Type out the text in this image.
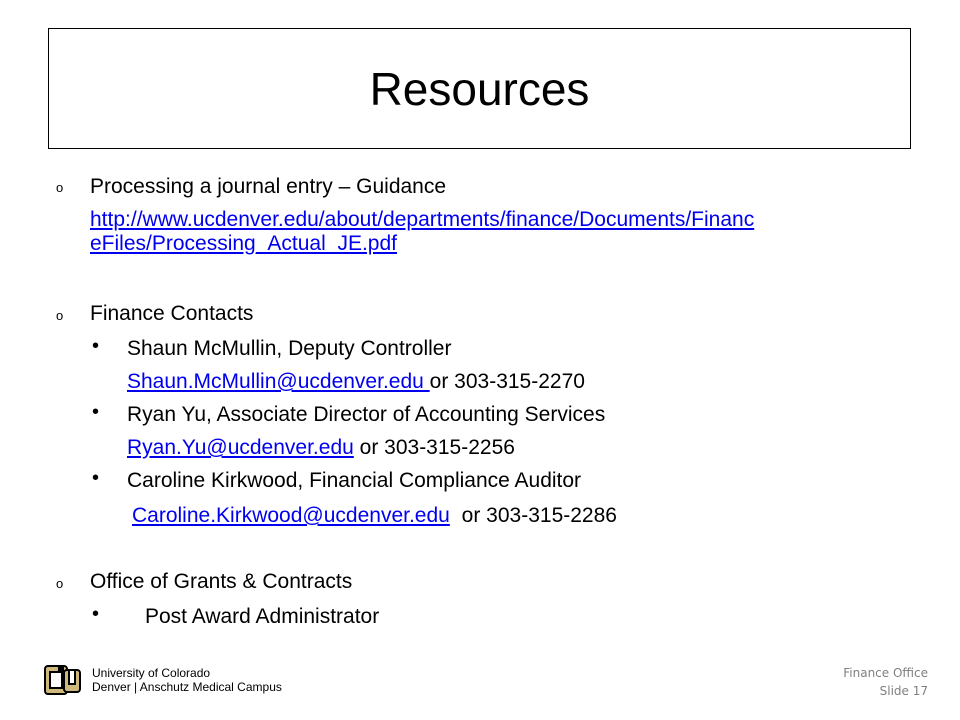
Resources
o Processing a journal entry – Guidance
http://www.ucdenver.edu/about/departments/finance/Documents/Financ
eFiles/Processing_Actual_JE.pdf
o Finance Contacts
• Shaun McMullin, Deputy Controller
Shaun.McMullin@ucdenver.edu or 303-315-2270
• Ryan Yu, Associate Director of Accounting Services
Ryan.Yu@ucdenver.edu or 303-315-2256
• Caroline Kirkwood, Financial Compliance Auditor
Caroline.Kirkwood@ucdenver.edu or 303-315-2286
o Office of Grants & Contracts
• Post Award Administrator
University of Colorado
Denver | Anschutz Medical Campus
Finance Office
Slide 17
